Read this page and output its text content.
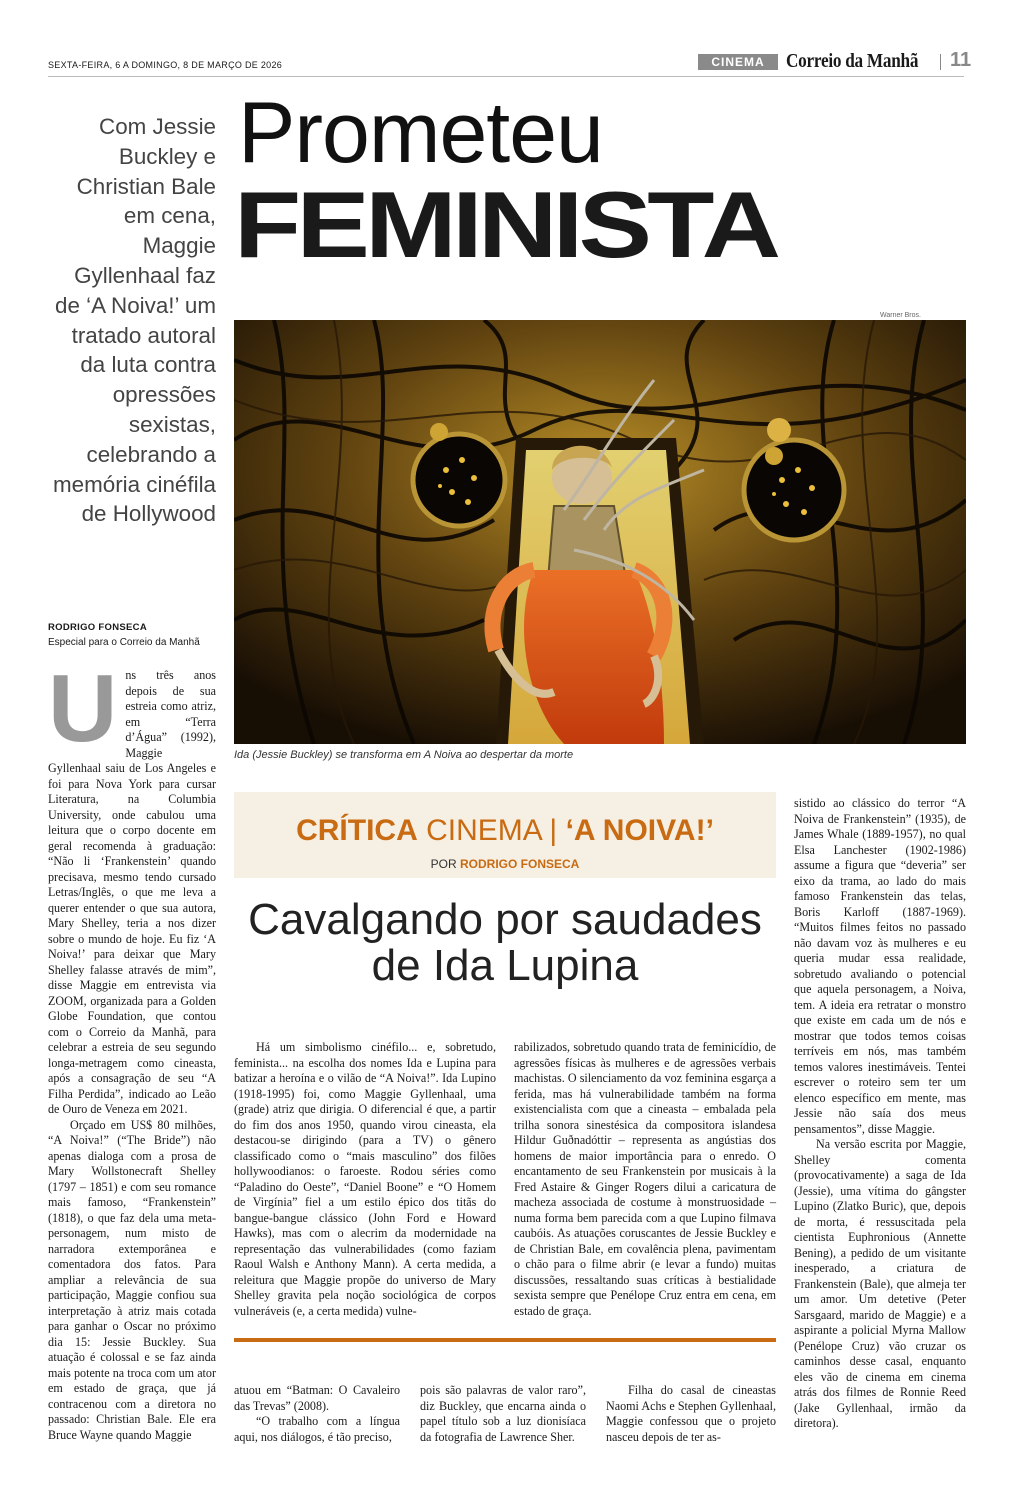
SEXTA-FEIRA, 6 A DOMINGO, 8 DE MARÇO DE 2026	CINEMA	Correio da Manhã 11
Com Jessie Buckley e Christian Bale em cena, Maggie Gyllenhaal faz de ‘A Noiva!’ um tratado autoral da luta contra opressões sexistas, celebrando a memória cinéfila de Hollywood
RODRIGO FONSECA
Especial para o Correio da Manhã
Prometeu
FEMINISTA
Warner Bros.
Ida (Jessie Buckley) se transforma em A Noiva ao despertar da morte
U ns três anos depois de sua estreia como atriz, em “Terra d’Água” (1992), Maggie Gyllenhaal saiu de Los Angeles e foi para Nova York para cursar Literatura, na Columbia University, onde cabulou uma leitura que o corpo docente em geral recomenda à graduação: “Não li ‘Frankenstein’ quando precisava, mesmo tendo cursado Letras/Inglês, o que me leva a querer entender o que sua autora, Mary Shelley, teria a nos dizer sobre o mundo de hoje. Eu fiz ‘A Noiva!’ para deixar que Mary Shelley falasse através de mim”, disse Maggie em entrevista via ZOOM, organizada para a Golden Globe Foundation, que contou com o Correio da Manhã, para celebrar a estreia de seu segundo longa-metragem como cineasta, após a consagração de seu “A Filha Perdida”, indicado ao Leão de Ouro de Veneza em 2021.

Orçado em US$ 80 milhões, “A Noiva!” (“The Bride”) não apenas dialoga com a prosa de Mary Wollstonecraft Shelley (1797 – 1851) e com seu romance mais famoso, “Frankenstein” (1818), o que faz dela uma meta-personagem, num misto de narradora extemporânea e comentadora dos fatos. Para ampliar a relevância de sua participação, Maggie confiou sua interpretação à atriz mais cotada para ganhar o Oscar no próximo dia 15: Jessie Buckley. Sua atuação é colossal e se faz ainda mais potente na troca com um ator em estado de graça, que já contracenou com a diretora no passado: Christian Bale. Ele era Bruce Wayne quando Maggie

CRÍTICA CINEMA | ‘A NOIVA!’
POR RODRIGO FONSECA
Cavalgando por saudades de Ida Lupina

Há um simbolismo cinéfilo... e, sobretudo, feminista... na escolha dos nomes Ida e Lupina para batizar a heroína e o vilão de “A Noiva!”. Ida Lupino (1918-1995) foi, como Maggie Gyllenhaal, uma (grade) atriz que dirigia. O diferencial é que, a partir do fim dos anos 1950, quando virou cineasta, ela destacou-se dirigindo (para a TV) o gênero classificado como o “mais masculino” dos filões hollywoodianos: o faroeste. Rodou séries como “Paladino do Oeste”, “Daniel Boone” e “O Homem de Virgínia” fiel a um estilo épico dos titãs do bangue-bangue clássico (John Ford e Howard Hawks), mas com o alecrim da modernidade na representação das vulnerabilidades (como faziam Raoul Walsh e Anthony Mann). A certa medida, a releitura que Maggie propõe do universo de Mary Shelley gravita pela noção sociológica de corpos vulneráveis (e, a certa medida) vulne-

rabilizados, sobretudo quando trata de feminicídio, de agressões físicas às mulheres e de agressões verbais machistas. O silenciamento da voz feminina esgarça a ferida, mas há vulnerabilidade também na forma existencialista com que a cineasta – embalada pela trilha sonora sinestésica da compositora islandesa Hildur Guðnadóttir – representa as angústias dos homens de maior importância para o enredo. O encantamento de seu Frankenstein por musicais à la Fred Astaire & Ginger Rogers dilui a caricatura de macheza associada de costume à monstruosidade – numa forma bem parecida com a que Lupino filmava caubóis. As atuações coruscantes de Jessie Buckley e de Christian Bale, em covalência plena, pavimentam o chão para o filme abrir (e levar a fundo) muitas discussões, ressaltando suas críticas à bestialidade sexista sempre que Penélope Cruz entra em cena, em estado de graça.

sistido ao clássico do terror “A Noiva de Frankenstein” (1935), de James Whale (1889-1957), no qual Elsa Lanchester (1902-1986) assume a figura que “deveria” ser eixo da trama, ao lado do mais famoso Frankenstein das telas, Boris Karloff (1887-1969). “Muitos filmes feitos no passado não davam voz às mulheres e eu queria mudar essa realidade, sobretudo avaliando o potencial que aquela personagem, a Noiva, tem. A ideia era retratar o monstro que existe em cada um de nós e mostrar que todos temos coisas terríveis em nós, mas também temos valores inestimáveis. Tentei escrever o roteiro sem ter um elenco específico em mente, mas Jessie não saía dos meus pensamentos”, disse Maggie.

Na versão escrita por Maggie, Shelley comenta (provocativamente) a saga de Ida (Jessie), uma vítima do gângster Lupino (Zlatko Buric), que, depois de morta, é ressuscitada pela cientista Euphronious (Annette Bening), a pedido de um visitante inesperado, a criatura de Frankenstein (Bale), que almeja ter um amor. Um detetive (Peter Sarsgaard, marido de Maggie) e a aspirante a policial Myrna Mallow (Penélope Cruz) vão cruzar os caminhos desse casal, enquanto eles vão de cinema em cinema atrás dos filmes de Ronnie Reed (Jake Gyllenhaal, irmão da diretora).

atuou em “Batman: O Cavaleiro das Trevas” (2008).

“O trabalho com a língua aqui, nos diálogos, é tão preciso,

pois são palavras de valor raro”, diz Buckley, que encarna ainda o papel título sob a luz dionisíaca da fotografia de Lawrence Sher.

Filha do casal de cineastas Naomi Achs e Stephen Gyllenhaal, Maggie confessou que o projeto nasceu depois de ter as-
